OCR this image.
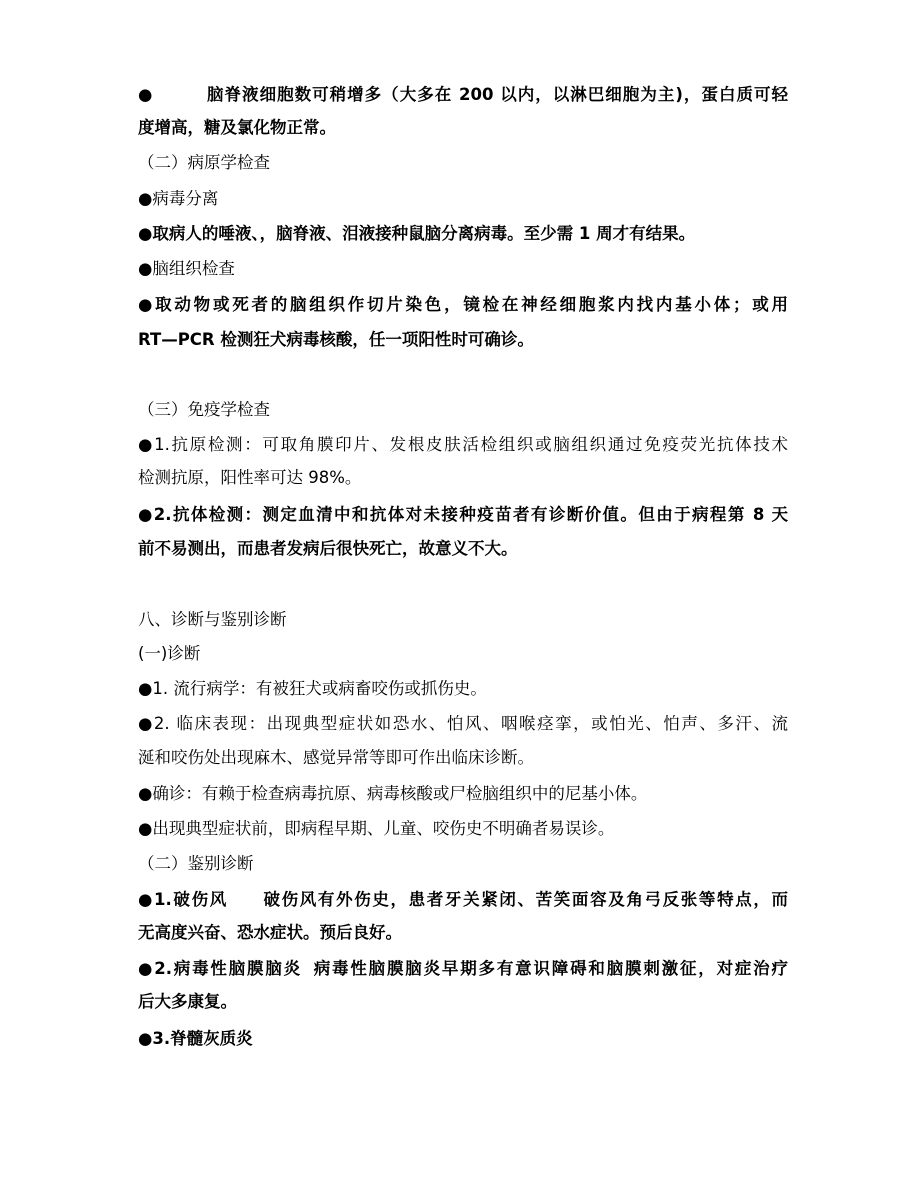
●	脑脊液细胞数可稍增多（大多在 200 以内，以淋巴细胞为主)，蛋白质可轻
度增高，糖及氯化物正常。
（二）病原学检查
●病毒分离
●取病人的唾液、，脑脊液、泪液接种鼠脑分离病毒。至少需 1 周才有结果。
●脑组织检查
●取动物或死者的脑组织作切片染色，镜检在神经细胞浆内找内基小体；或用
RT—PCR 检测狂犬病毒核酸，任一项阳性时可确诊。
（三）免疫学检查
●1.抗原检测：可取角膜印片、发根皮肤活检组织或脑组织通过免疫荧光抗体技术
检测抗原，阳性率可达 98%。
●2.抗体检测：测定血清中和抗体对未接种疫苗者有诊断价值。但由于病程第 8 天
前不易测出，而患者发病后很快死亡，故意义不大。
八、诊断与鉴别诊断
(一)诊断
●1. 流行病学：有被狂犬或病畜咬伤或抓伤史。
●2. 临床表现：出现典型症状如恐水、怕风、咽喉痉挛，或怕光、怕声、多汗、流
涎和咬伤处出现麻木、感觉异常等即可作出临床诊断。
●确诊：有赖于检查病毒抗原、病毒核酸或尸检脑组织中的尼基小体。
●出现典型症状前，即病程早期、儿童、咬伤史不明确者易误诊。
（二）鉴别诊断
●1.破伤风 破伤风有外伤史，患者牙关紧闭、苦笑面容及角弓反张等特点，而
无高度兴奋、恐水症状。预后良好。
●2.病毒性脑膜脑炎 病毒性脑膜脑炎早期多有意识障碍和脑膜刺激征，对症治疗
后大多康复。
●3.脊髓灰质炎
